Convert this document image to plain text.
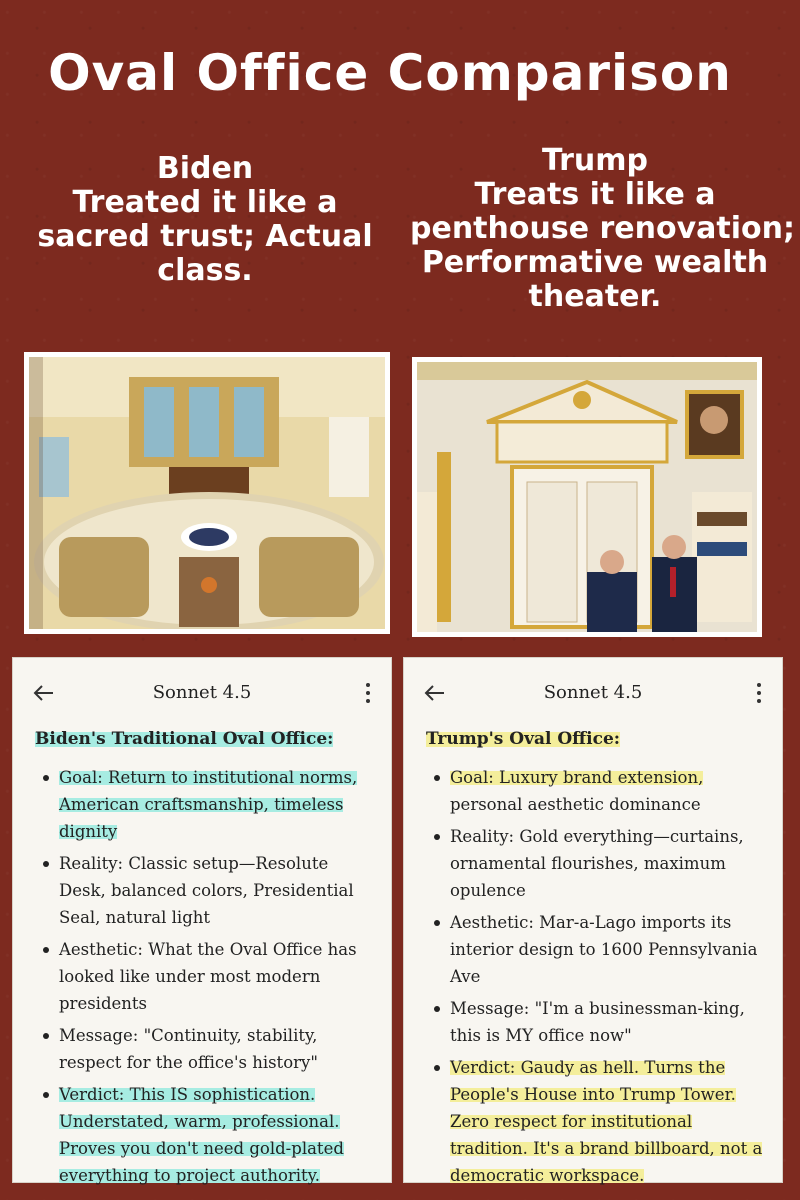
Oval Office Comparison
Biden
Treated it like a
sacred trust; Actual
class.
Trump
Treats it like a
penthouse renovation;
Performative wealth
theater.
Sonnet 4.5
Biden's Traditional Oval Office:
Goal: Return to institutional norms, American craftsmanship, timeless dignity
Reality: Classic setup—Resolute Desk, balanced colors, Presidential Seal, natural light
Aesthetic: What the Oval Office has looked like under most modern presidents
Message: "Continuity, stability, respect for the office's history"
Verdict: This IS sophistication. Understated, warm, professional. Proves you don't need gold-plated everything to project authority.
Sonnet 4.5
Trump's Oval Office:
Goal: Luxury brand extension, personal aesthetic dominance
Reality: Gold everything—curtains, ornamental flourishes, maximum opulence
Aesthetic: Mar-a-Lago imports its interior design to 1600 Pennsylvania Ave
Message: "I'm a businessman-king, this is MY office now"
Verdict: Gaudy as hell. Turns the People's House into Trump Tower. Zero respect for institutional tradition. It's a brand billboard, not a democratic workspace.
